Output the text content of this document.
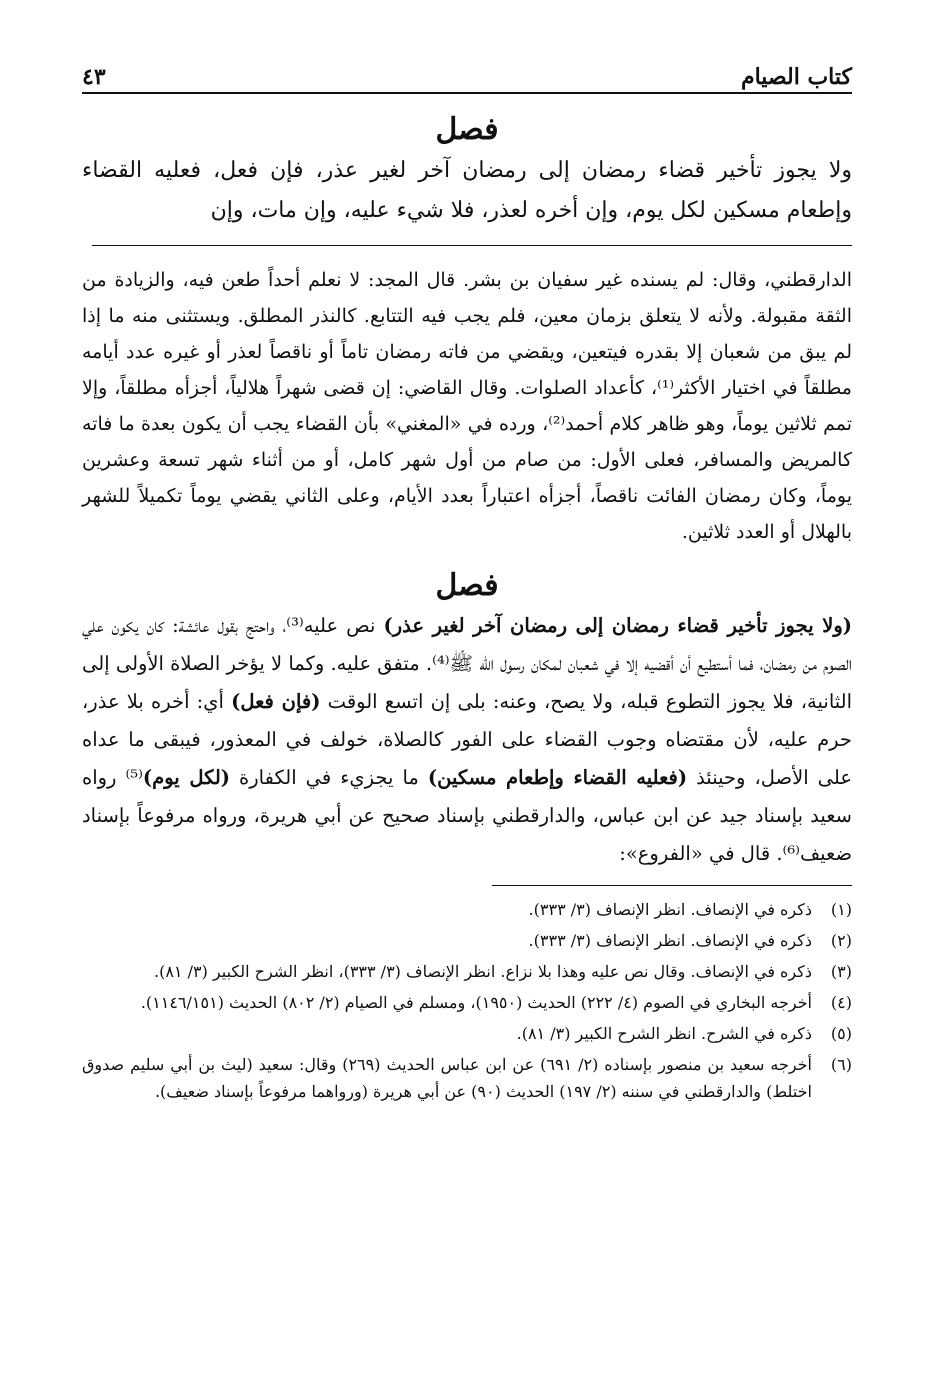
كتاب الصيام
٤٣
فصل

ولا يجوز تأخير قضاء رمضان إلى رمضان آخر لغير عذر، فإن فعل، فعليه القضاء وإطعام مسكين لكل يوم، وإن أخره لعذر، فلا شيء عليه، وإن مات، وإن

الدارقطني، وقال: لم يسنده غير سفيان بن بشر. قال المجد: لا نعلم أحداً طعن فيه، والزيادة من الثقة مقبولة. ولأنه لا يتعلق بزمان معين، فلم يجب فيه التتابع. كالنذر المطلق. ويستثنى منه ما إذا لم يبق من شعبان إلا بقدره فيتعين، ويقضي من فاته رمضان تاماً أو ناقصاً لعذر أو غيره عدد أيامه مطلقاً في اختيار الأكثر⁽¹⁾، كأعداد الصلوات. وقال القاضي: إن قضى شهراً هلالياً، أجزأه مطلقاً، وإلا تمم ثلاثين يوماً، وهو ظاهر كلام أحمد⁽²⁾، ورده في «المغني» بأن القضاء يجب أن يكون بعدة ما فاته كالمريض والمسافر، فعلى الأول: من صام من أول شهر كامل، أو من أثناء شهر تسعة وعشرين يوماً، وكان رمضان الفائت ناقصاً، أجزأه اعتباراً بعدد الأيام، وعلى الثاني يقضي يوماً تكميلاً للشهر بالهلال أو العدد ثلاثين.

فصل

(ولا يجوز تأخير قضاء رمضان إلى رمضان آخر لغير عذر) نص عليه⁽³⁾، واحتج بقول عائشة: كان يكون علي الصوم من رمضان، فما أستطيع أن أقضيه إلا في شعبان لمكان رسول الله ﷺ⁽⁴⁾. متفق عليه. وكما لا يؤخر الصلاة الأولى إلى الثانية، فلا يجوز التطوع قبله، ولا يصح، وعنه: بلى إن اتسع الوقت (فإن فعل) أي: أخره بلا عذر، حرم عليه، لأن مقتضاه وجوب القضاء على الفور كالصلاة، خولف في المعذور، فيبقى ما عداه على الأصل، وحينئذ (فعليه القضاء وإطعام مسكين) ما يجزيء في الكفارة (لكل يوم)⁽⁵⁾ رواه سعيد بإسناد جيد عن ابن عباس، والدارقطني بإسناد صحيح عن أبي هريرة، ورواه مرفوعاً بإسناد ضعيف⁽⁶⁾. قال في «الفروع»:

(١)
ذكره في الإنصاف. انظر الإنصاف (٣/ ٣٣٣).
(٢)
ذكره في الإنصاف. انظر الإنصاف (٣/ ٣٣٣).
(٣)
ذكره في الإنصاف. وقال نص عليه وهذا بلا نزاع. انظر الإنصاف (٣/ ٣٣٣)، انظر الشرح الكبير (٣/ ٨١).
(٤)
أخرجه البخاري في الصوم (٤/ ٢٢٢) الحديث (١٩٥٠)، ومسلم في الصيام (٢/ ٨٠٢) الحديث (١١٤٦/١٥١).
(٥)
ذكره في الشرح. انظر الشرح الكبير (٣/ ٨١).
(٦)
أخرجه سعيد بن منصور بإسناده (٢/ ٦٩١) عن ابن عباس الحديث (٢٦٩) وقال: سعيد (ليث بن أبي سليم صدوق اختلط) والدارقطني في سننه (٢/ ١٩٧) الحديث (٩٠) عن أبي هريرة (ورواهما مرفوعاً بإسناد ضعيف).
